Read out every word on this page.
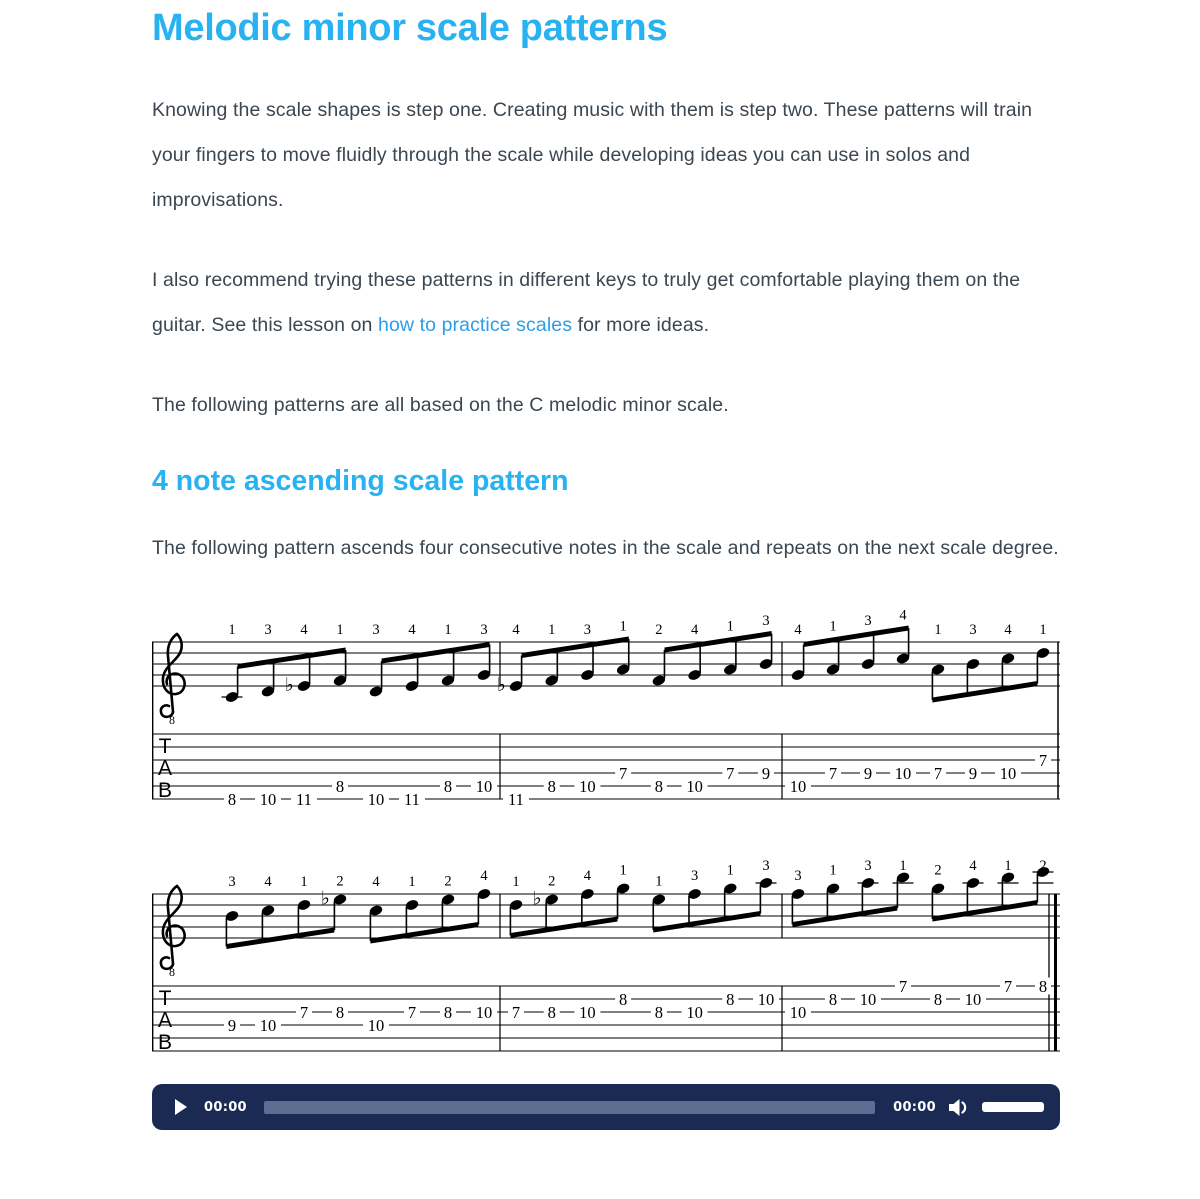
Melodic minor scale patterns

Knowing the scale shapes is step one. Creating music with them is step two. These patterns will train your fingers to move fluidly through the scale while developing ideas you can use in solos and improvisations.

I also recommend trying these patterns in different keys to truly get comfortable playing them on the guitar. See this lesson on how to practice scales for more ideas.

The following patterns are all based on the C melodic minor scale.

4 note ascending scale pattern

The following pattern ascends four consecutive notes in the scale and repeats on the next scale degree.

8
T
A
B
1
8
3
10
♭
4
11
1
8
3
10
4
11
1
8
3
10
♭
4
11
1
8
3
10
1
7
2
8
4
10
1
7
3
9
4
10
1
7
3
9
4
10
1
7
3
9
4
10
1
7
8
T
A
B
3
9
4
10
1
7
♭
2
8
4
10
1
7
2
8
4
10
1
7
♭
2
8
4
10
1
8
1
8
3
10
1
8
3
10
3
10
1
8
3
10
1
7
2
8
4
10
1
7
2
8
00:00	00:00
